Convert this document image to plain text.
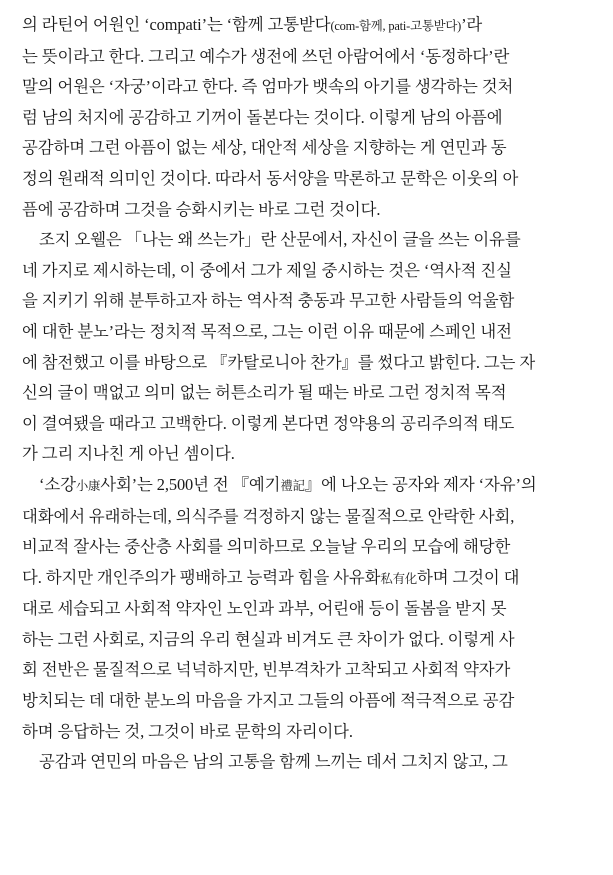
의 라틴어 어원인 ‘compati’는 ‘함께 고통받다(com-함께, pati-고통받다)’라
는 뜻이라고 한다. 그리고 예수가 생전에 쓰던 아람어에서 ‘동정하다’란
말의 어원은 ‘자궁’이라고 한다. 즉 엄마가 뱃속의 아기를 생각하는 것처
럼 남의 처지에 공감하고 기꺼이 돌본다는 것이다. 이렇게 남의 아픔에
공감하며 그런 아픔이 없는 세상, 대안적 세상을 지향하는 게 연민과 동
정의 원래적 의미인 것이다. 따라서 동서양을 막론하고 문학은 이웃의 아
픔에 공감하며 그것을 승화시키는 바로 그런 것이다.
조지 오웰은 「나는 왜 쓰는가」란 산문에서, 자신이 글을 쓰는 이유를
네 가지로 제시하는데, 이 중에서 그가 제일 중시하는 것은 ‘역사적 진실
을 지키기 위해 분투하고자 하는 역사적 충동과 무고한 사람들의 억울함
에 대한 분노’라는 정치적 목적으로, 그는 이런 이유 때문에 스페인 내전
에 참전했고 이를 바탕으로 『카탈로니아 찬가』를 썼다고 밝힌다. 그는 자
신의 글이 맥없고 의미 없는 허튼소리가 될 때는 바로 그런 정치적 목적
이 결여됐을 때라고 고백한다. 이렇게 본다면 정약용의 공리주의적 태도
가 그리 지나친 게 아닌 셈이다.
‘소강小康사회’는 2,500년 전 『예기禮記』에 나오는 공자와 제자 ‘자유’의
대화에서 유래하는데, 의식주를 걱정하지 않는 물질적으로 안락한 사회,
비교적 잘사는 중산층 사회를 의미하므로 오늘날 우리의 모습에 해당한
다. 하지만 개인주의가 팽배하고 능력과 힘을 사유화私有化하며 그것이 대
대로 세습되고 사회적 약자인 노인과 과부, 어린애 등이 돌봄을 받지 못
하는 그런 사회로, 지금의 우리 현실과 비겨도 큰 차이가 없다. 이렇게 사
회 전반은 물질적으로 넉넉하지만, 빈부격차가 고착되고 사회적 약자가
방치되는 데 대한 분노의 마음을 가지고 그들의 아픔에 적극적으로 공감
하며 응답하는 것, 그것이 바로 문학의 자리이다.
공감과 연민의 마음은 남의 고통을 함께 느끼는 데서 그치지 않고, 그
